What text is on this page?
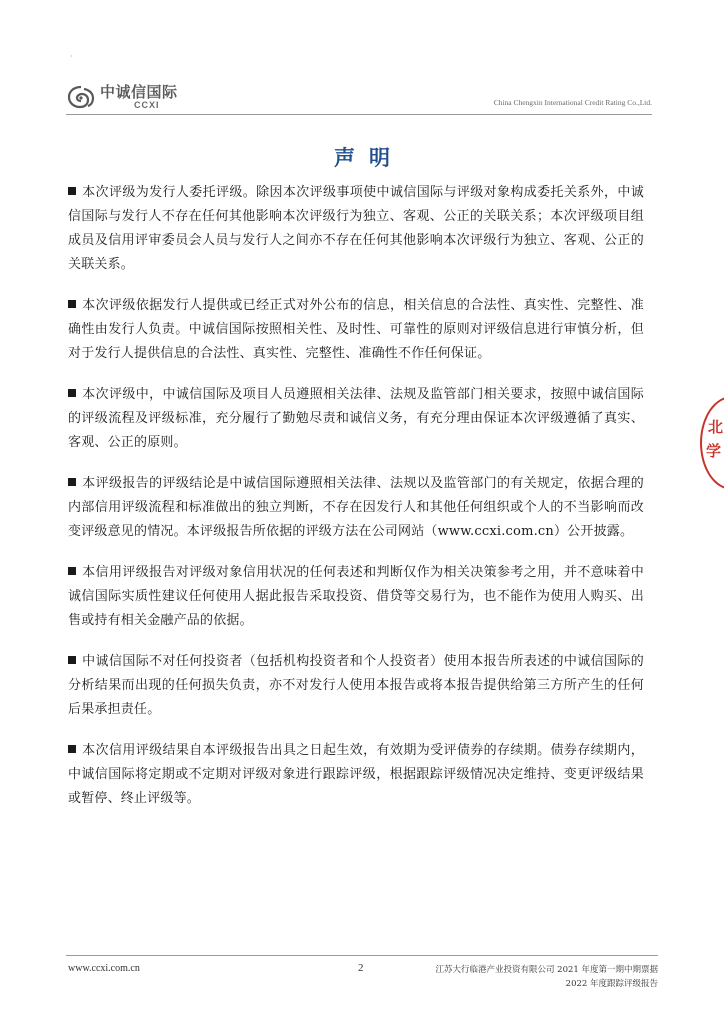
·
中诚信国际
CCXI	China Chengxin International Credit Rating Co.,Ltd.
声明

本次评级为发行人委托评级。除因本次评级事项使中诚信国际与评级对象构成委托关系外，中诚信国际与发行人不存在任何其他影响本次评级行为独立、客观、公正的关联关系；本次评级项目组成员及信用评审委员会人员与发行人之间亦不存在任何其他影响本次评级行为独立、客观、公正的关联关系。

本次评级依据发行人提供或已经正式对外公布的信息，相关信息的合法性、真实性、完整性、准确性由发行人负责。中诚信国际按照相关性、及时性、可靠性的原则对评级信息进行审慎分析，但对于发行人提供信息的合法性、真实性、完整性、准确性不作任何保证。

本次评级中，中诚信国际及项目人员遵照相关法律、法规及监管部门相关要求，按照中诚信国际的评级流程及评级标准，充分履行了勤勉尽责和诚信义务，有充分理由保证本次评级遵循了真实、客观、公正的原则。

本评级报告的评级结论是中诚信国际遵照相关法律、法规以及监管部门的有关规定，依据合理的内部信用评级流程和标准做出的独立判断，不存在因发行人和其他任何组织或个人的不当影响而改变评级意见的情况。本评级报告所依据的评级方法在公司网站（www.ccxi.com.cn）公开披露。

本信用评级报告对评级对象信用状况的任何表述和判断仅作为相关决策参考之用，并不意味着中诚信国际实质性建议任何使用人据此报告采取投资、借贷等交易行为，也不能作为使用人购买、出售或持有相关金融产品的依据。

中诚信国际不对任何投资者（包括机构投资者和个人投资者）使用本报告所表述的中诚信国际的分析结果而出现的任何损失负责，亦不对发行人使用本报告或将本报告提供给第三方所产生的任何后果承担责任。

本次信用评级结果自本评级报告出具之日起生效，有效期为受评债券的存续期。债券存续期内，中诚信国际将定期或不定期对评级对象进行跟踪评级，根据跟踪评级情况决定维持、变更评级结果或暂停、终止评级等。

北
学
www.ccxi.com.cn	2	江苏大行临港产业投资有限公司 2021 年度第一期中期票据
2022 年度跟踪评级报告
